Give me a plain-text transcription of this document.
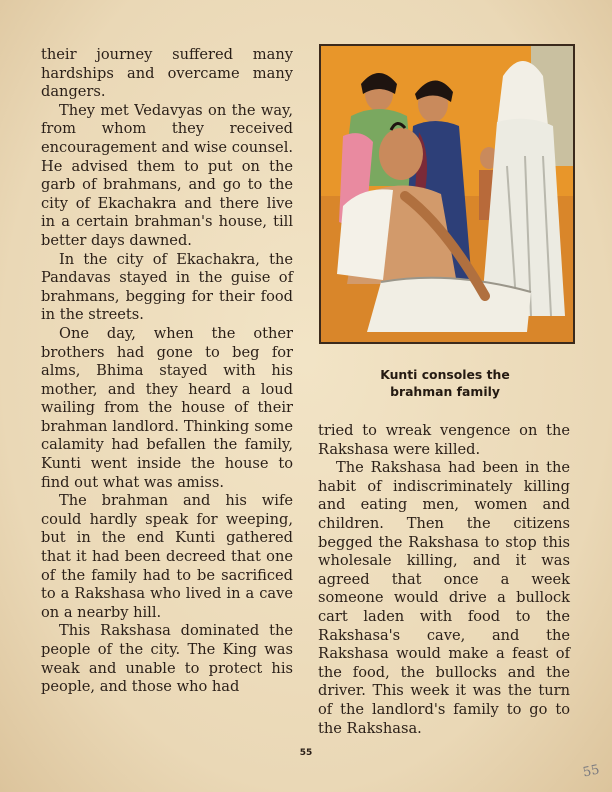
their journey suffered many hardships and overcame many dangers.

They met Vedavyas on the way, from whom they received encouragement and wise counsel. He advised them to put on the garb of brahmans, and go to the city of Ekachakra and there live in a certain brahman's house, till better days dawned.

In the city of Ekachakra, the Pandavas stayed in the guise of brahmans, begging for their food in the streets.

One day, when the other brothers had gone to beg for alms, Bhima stayed with his mother, and they heard a loud wailing from the house of their brahman landlord. Thinking some calamity had befallen the family, Kunti went inside the house to find out what was amiss.

The brahman and his wife could hardly speak for weeping, but in the end Kunti gathered that it had been decreed that one of the family had to be sacrificed to a Rakshasa who lived in a cave on a nearby hill.

This Rakshasa dominated the people of the city. The King was weak and unable to protect his people, and those who had

Kunti consoles the
brahman family

tried to wreak vengence on the Rakshasa were killed.

The Rakshasa had been in the habit of indiscriminately killing and eating men, women and children. Then the citizens begged the Rakshasa to stop this wholesale killing, and it was agreed that once a week someone would drive a bullock cart laden with food to the Rakshasa's cave, and the Rakshasa would make a feast of the food, the bullocks and the driver. This week it was the turn of the landlord's family to go to the Rakshasa.

55
55
